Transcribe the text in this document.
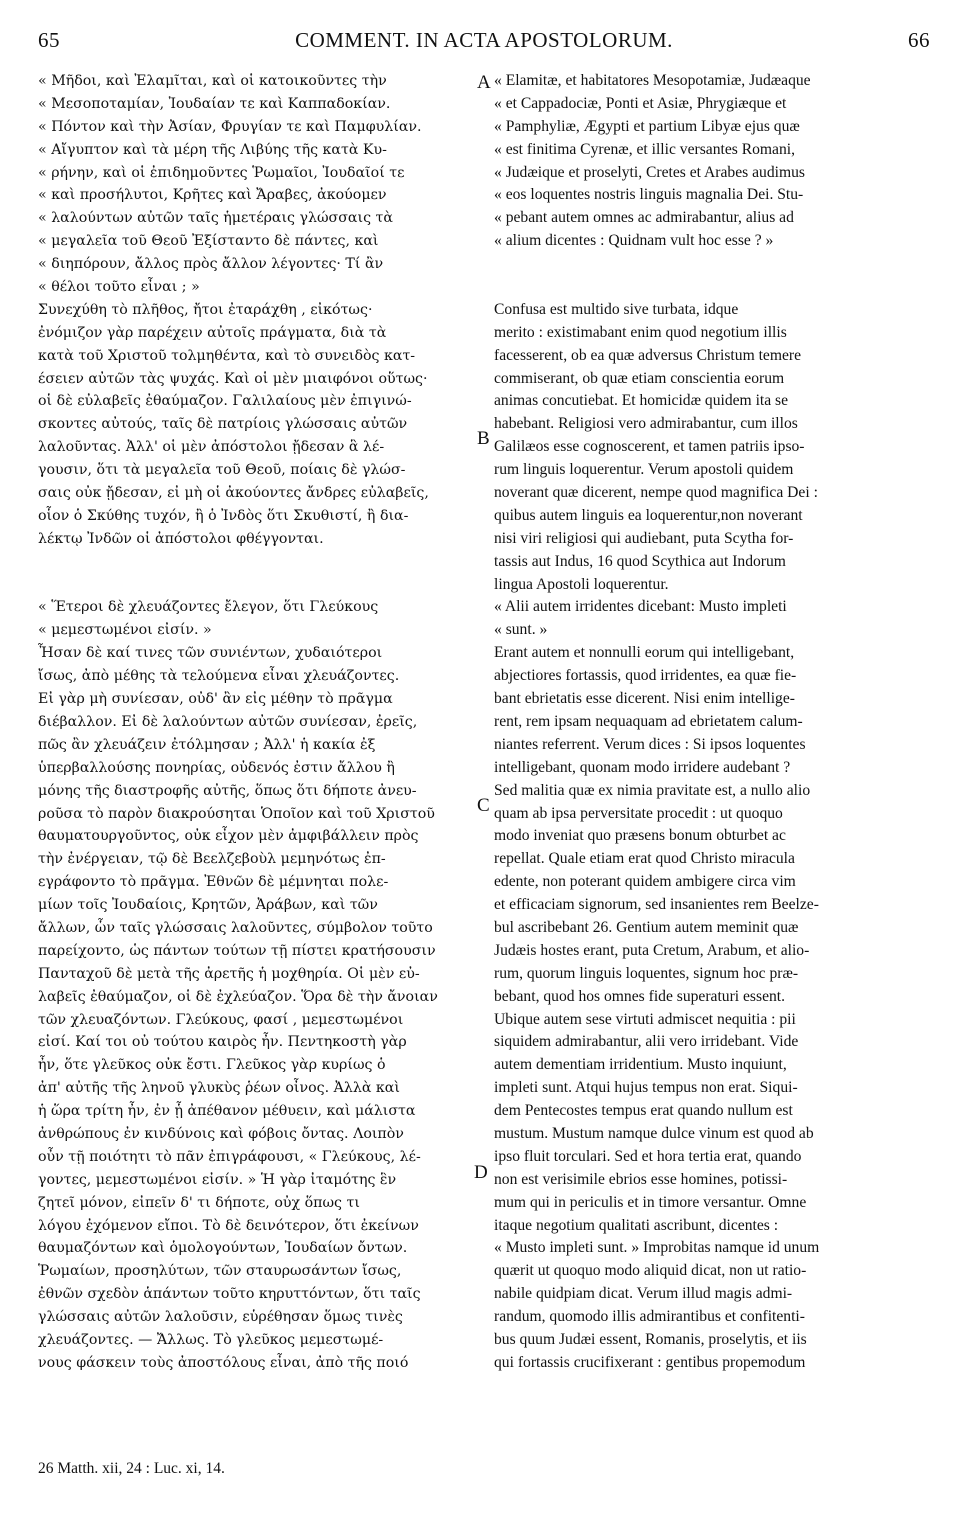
65	COMMENT. IN ACTA APOSTOLORUM.	66
« Μῆδοι, καὶ Ἐλαμῖται, καὶ οἱ κατοικοῦντες τὴν
« Μεσοποταμίαν, Ἰουδαίαν τε καὶ Καππαδοκίαν.
« Πόντον καὶ τὴν Ἀσίαν, Φρυγίαν τε καὶ Παμφυλίαν.
« Αἴγυπτον καὶ τὰ μέρη τῆς Λιβύης τῆς κατὰ Κυ-
« ρήνην, καὶ οἱ ἐπιδημοῦντες Ῥωμαῖοι, Ἰουδαῖοί τε
« καὶ προσήλυτοι, Κρῆτες καὶ Ἄραβες, ἀκούομεν
« λαλούντων αὐτῶν ταῖς ἡμετέραις γλώσσαις τὰ
« μεγαλεῖα τοῦ Θεοῦ Ἐξίσταντο δὲ πάντες, καὶ
« διηπόρουν, ἄλλος πρὸς ἄλλον λέγοντες· Τί ἂν
« θέλοι τοῦτο εἶναι ; »
Συνεχύθη τὸ πλῆθος, ἤτοι ἐταράχθη , εἰκότως·
ἐνόμιζον γὰρ παρέχειν αὐτοῖς πράγματα, διὰ τὰ
κατὰ τοῦ Χριστοῦ τολμηθέντα, καὶ τὸ συνειδὸς κατ-
έσειεν αὐτῶν τὰς ψυχάς. Καὶ οἱ μὲν μιαιφόνοι οὕτως·
οἱ δὲ εὐλαβεῖς ἐθαύμαζον. Γαλιλαίους μὲν ἐπιγινώ-
σκοντες αὐτούς, ταῖς δὲ πατρίοις γλώσσαις αὐτῶν
λαλοῦντας. Ἀλλ' οἱ μὲν ἀπόστολοι ᾔδεσαν ἃ λέ-
γουσιν, ὅτι τὰ μεγαλεῖα τοῦ Θεοῦ, ποίαις δὲ γλώσ-
σαις οὐκ ᾔδεσαν, εἰ μὴ οἱ ἀκούοντες ἄνδρες εὐλαβεῖς,
οἷον ὁ Σκύθης τυχόν, ἢ ὁ Ἰνδὸς ὅτι Σκυθιστί, ἢ δια-
λέκτῳ Ἰνδῶν οἱ ἀπόστολοι φθέγγονται.
« Ἕτεροι δὲ χλευάζοντες ἔλεγον, ὅτι Γλεύκους
« μεμεστωμένοι εἰσίν. »
Ἦσαν δὲ καί τινες τῶν συνιέντων, χυδαιότεροι
ἴσως, ἀπὸ μέθης τὰ τελούμενα εἶναι χλευάζοντες.
Εἰ γὰρ μὴ συνίεσαν, οὐδ' ἂν εἰς μέθην τὸ πρᾶγμα
διέβαλλον. Εἰ δὲ λαλούντων αὐτῶν συνίεσαν, ἐρεῖς,
πῶς ἂν χλευάζειν ἐτόλμησαν ; Ἀλλ' ἡ κακία ἐξ
ὑπερβαλλούσης πονηρίας, οὐδενός ἐστιν ἄλλου ἢ
μόνης τῆς διαστροφῆς αὐτῆς, ὅπως ὅτι δήποτε ἀνευ-
ροῦσα τὸ παρὸν διακρούσηται Ὁποῖον καὶ τοῦ Χριστοῦ
θαυματουργοῦντος, οὐκ εἶχον μὲν ἀμφιβάλλειν πρὸς
τὴν ἐνέργειαν, τῷ δὲ Βεελζεβοὺλ μεμηνότως ἐπ-
εγράφοντο τὸ πρᾶγμα. Ἐθνῶν δὲ μέμνηται πολε-
μίων τοῖς Ἰουδαίοις, Κρητῶν, Ἀράβων, καὶ τῶν
ἄλλων, ὧν ταῖς γλώσσαις λαλοῦντες, σύμβολον τοῦτο
παρείχοντο, ὡς πάντων τούτων τῇ πίστει κρατήσουσιν
Πανταχοῦ δὲ μετὰ τῆς ἀρετῆς ἡ μοχθηρία. Οἱ μὲν εὐ-
λαβεῖς ἐθαύμαζον, οἱ δὲ ἐχλεύαζον. Ὅρα δὲ τὴν ἄνοιαν
τῶν χλευαζόντων. Γλεύκους, φασί , μεμεστωμένοι
εἰσί. Καί τοι οὐ τούτου καιρὸς ἦν. Πεντηκοστὴ γὰρ
ἦν, ὅτε γλεῦκος οὐκ ἔστι. Γλεῦκος γὰρ κυρίως ὁ
ἀπ' αὐτῆς τῆς ληνοῦ γλυκὺς ῥέων οἶνος. Ἀλλὰ καὶ
ἡ ὥρα τρίτη ἦν, ἐν ᾗ ἀπέθανον μέθυειν, καὶ μάλιστα
ἀνθρώπους ἐν κινδύνοις καὶ φόβοις ὄντας. Λοιπὸν
οὖν τῇ ποιότητι τὸ πᾶν ἐπιγράφουσι, « Γλεύκους, λέ-
γοντες, μεμεστωμένοι εἰσίν. » Ἡ γὰρ ἰταμότης ἓν
ζητεῖ μόνον, εἰπεῖν δ' τι δήποτε, οὐχ ὅπως τι
λόγου ἐχόμενον εἴποι. Τὸ δὲ δεινότερον, ὅτι ἐκείνων
θαυμαζόντων καὶ ὁμολογούντων, Ἰουδαίων ὄντων.
Ῥωμαίων, προσηλύτων, τῶν σταυρωσάντων ἴσως,
ἐθνῶν σχεδὸν ἁπάντων τοῦτο κηρυττόντων, ὅτι ταῖς
γλώσσαις αὐτῶν λαλοῦσιν, εὑρέθησαν ὅμως τινὲς
χλευάζοντες. — Ἄλλως. Τὸ γλεῦκος μεμεστωμέ-
νους φάσκειν τοὺς ἀποστόλους εἶναι, ἀπὸ τῆς ποιό
« Elamitæ, et habitatores Mesopotamiæ, Judæaque
« et Cappadociæ, Ponti et Asiæ, Phrygiæque et
« Pamphyliæ, Ægypti et partium Libyæ ejus quæ
« est finitima Cyrenæ, et illic versantes Romani,
« Judæique et proselyti, Cretes et Arabes audimus
« eos loquentes nostris linguis magnalia Dei. Stu-
« pebant autem omnes ac admirabantur, alius ad
« alium dicentes : Quidnam vult hoc esse ? »
Confusa est multido sive turbata, idque
merito : existimabant enim quod negotium illis
facesserent, ob ea quæ adversus Christum temere
commiserant, ob quæ etiam conscientia eorum
animas concutiebat. Et homicidæ quidem ita se
habebant. Religiosi vero admirabantur, cum illos
Galilæos esse cognoscerent, et tamen patriis ipso-
rum linguis loquerentur. Verum apostoli quidem
noverant quæ dicerent, nempe quod magnifica Dei :
quibus autem linguis ea loquerentur,non noverant
nisi viri religiosi qui audiebant, puta Scytha for-
tassis aut Indus, 16 quod Scythica aut Indorum
lingua Apostoli loquerentur.
« Alii autem irridentes dicebant: Musto impleti
« sunt. »
Erant autem et nonnulli eorum qui intelligebant,
abjectiores fortassis, quod irridentes, ea quæ fie-
bant ebrietatis esse dicerent. Nisi enim intellige-
rent, rem ipsam nequaquam ad ebrietatem calum-
niantes referrent. Verum dices : Si ipsos loquentes
intelligebant, quonam modo irridere audebant ?
Sed malitia quæ ex nimia pravitate est, a nullo alio
quam ab ipsa perversitate procedit : ut quoquo
modo inveniat quo præsens bonum obturbet ac
repellat. Quale etiam erat quod Christo miracula
edente, non poterant quidem ambigere circa vim
et efficaciam signorum, sed insanientes rem Beelze-
bul ascribebant 26. Gentium autem meminit quæ
Judæis hostes erant, puta Cretum, Arabum, et alio-
rum, quorum linguis loquentes, signum hoc præ-
bebant, quod hos omnes fide superaturi essent.
Ubique autem sese virtuti admiscet nequitia : pii
siquidem admirabantur, alii vero irridebant. Vide
autem dementiam irridentium. Musto inquiunt,
impleti sunt. Atqui hujus tempus non erat. Siqui-
dem Pentecostes tempus erat quando nullum est
mustum. Mustum namque dulce vinum est quod ab
ipso fluit torculari. Sed et hora tertia erat, quando
non est verisimile ebrios esse homines, potissi-
mum qui in periculis et in timore versantur. Omne
itaque negotium qualitati ascribunt, dicentes :
« Musto impleti sunt. » Improbitas namque id unum
quærit ut quoquo modo aliquid dicat, non ut ratio-
nabile quidpiam dicat. Verum illud magis admi-
randum, quomodo illis admirantibus et confitenti-
bus quum Judæi essent, Romanis, proselytis, et iis
qui fortassis crucifixerant : gentibus propemodum
A
B
C
D
26 Matth. xii, 24 : Luc. xi, 14.
